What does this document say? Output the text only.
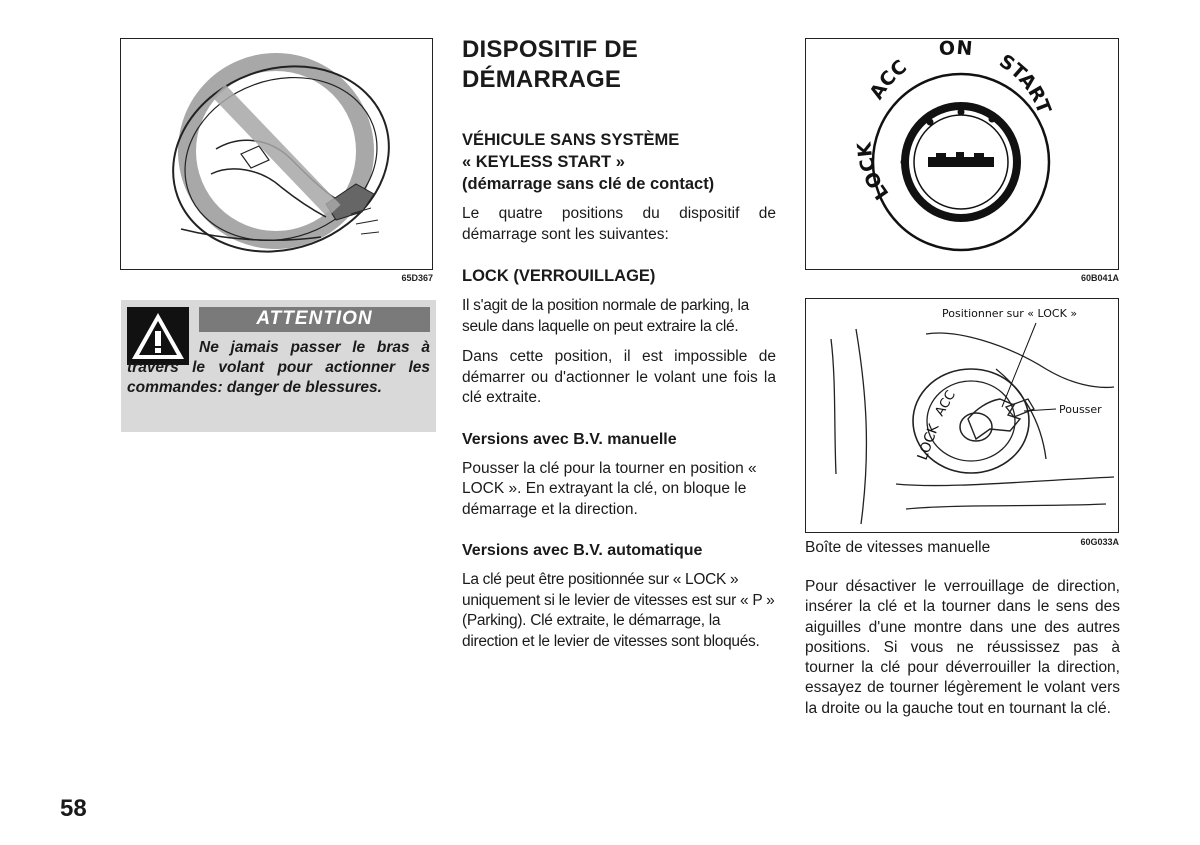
65D367
ATTENTION
Ne jamais passer le bras à travers le volant pour actionner les commandes: danger de blessures.
DISPOSITIF DE DÉMARRAGE
VÉHICULE SANS SYSTÈME
« KEYLESS START »
(démarrage sans clé de contact)

Le quatre positions du dispositif de démarrage sont les suivantes:

LOCK (VERROUILLAGE)

Il s'agit de la position normale de parking, la seule dans laquelle on peut extraire la clé.

Dans cette position, il est impossible de démarrer ou d'actionner le volant une fois la clé extraite.

Versions avec B.V. manuelle

Pousser la clé pour la tourner en position « LOCK ». En extrayant la clé, on bloque le démarrage et la direction.

Versions avec B.V. automatique

La clé peut être positionnée sur « LOCK » uniquement si le levier de vitesses est sur « P » (Parking). Clé extraite, le démarrage, la direction et le levier de vitesses sont bloqués.

LOCK
ACC
ON
START
60B041A
LOCK
ACC
Positionner sur « LOCK »
Pousser
Boîte de vitesses manuelle	60G033A
Pour désactiver le verrouillage de direction, insérer la clé et la tourner dans le sens des aiguilles d'une montre dans une des autres positions. Si vous ne réussissez pas à tourner la clé pour déverrouiller la direction, essayez de tourner légèrement le volant vers la droite ou la gauche tout en tournant la clé.
58
